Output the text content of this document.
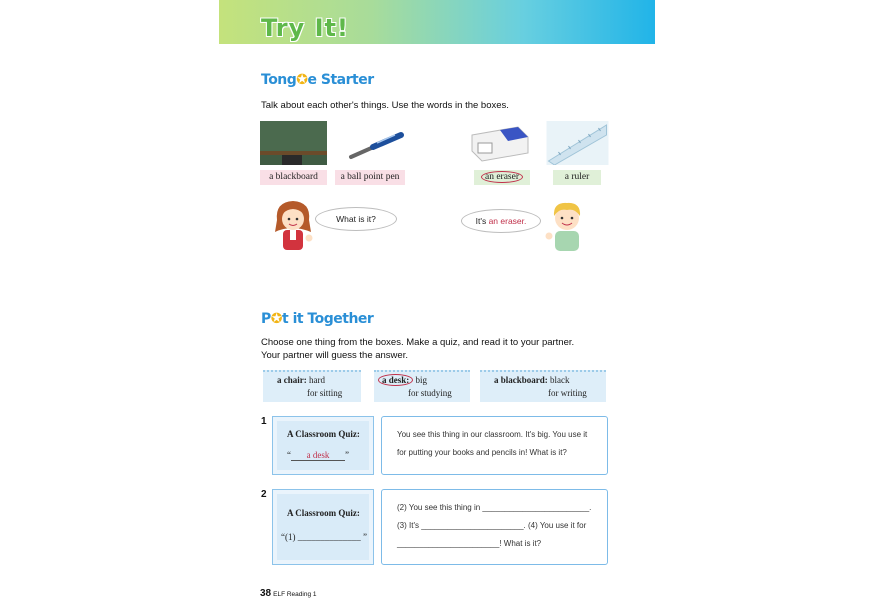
Try It!
Tong✪e Starter
Talk about each other's things. Use the words in the boxes.
a blackboard	a ball point pen	an eraser	a ruler
What is it?	It's an eraser.
P✪t it Together
Choose one thing from the boxes. Make a quiz, and read it to your partner.
Your partner will guess the answer.
a chair: hard
for sitting
a desk: big
for studying
a blackboard: black
for writing
1
A Classroom Quiz:
“ a desk ”
You see this thing in our classroom. It's big. You use it
for putting your books and pencils in! What is it?
2
A Classroom Quiz:
“(1) ______________ ”
(2) You see this thing in ________________________.
(3) It's _______________________. (4) You use it for
_______________________! What is it?
38 ELF Reading 1
